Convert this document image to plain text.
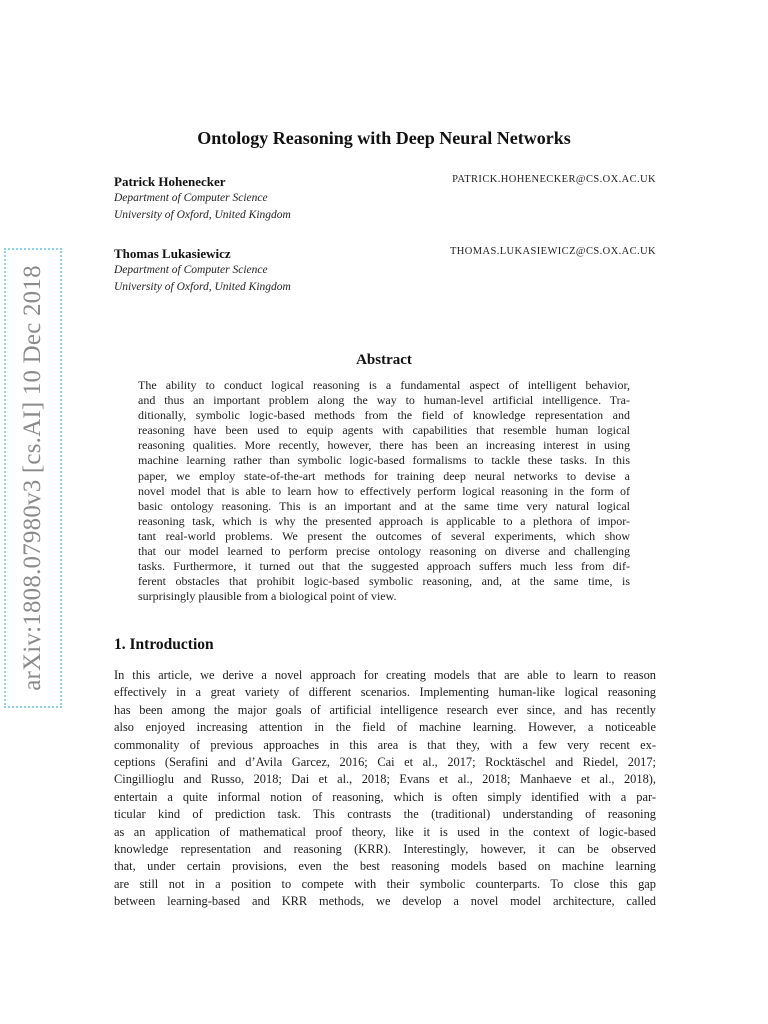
arXiv:1808.07980v3 [cs.AI] 10 Dec 2018
Ontology Reasoning with Deep Neural Networks
Patrick Hohenecker	PATRICK.HOHENECKER@CS.OX.AC.UK
Department of Computer Science
University of Oxford, United Kingdom
Thomas Lukasiewicz	THOMAS.LUKASIEWICZ@CS.OX.AC.UK
Department of Computer Science
University of Oxford, United Kingdom
Abstract
The ability to conduct logical reasoning is a fundamental aspect of intelligent behavior,
and thus an important problem along the way to human-level artificial intelligence. Tra-
ditionally, symbolic logic-based methods from the field of knowledge representation and
reasoning have been used to equip agents with capabilities that resemble human logical
reasoning qualities. More recently, however, there has been an increasing interest in using
machine learning rather than symbolic logic-based formalisms to tackle these tasks. In this
paper, we employ state-of-the-art methods for training deep neural networks to devise a
novel model that is able to learn how to effectively perform logical reasoning in the form of
basic ontology reasoning. This is an important and at the same time very natural logical
reasoning task, which is why the presented approach is applicable to a plethora of impor-
tant real-world problems. We present the outcomes of several experiments, which show
that our model learned to perform precise ontology reasoning on diverse and challenging
tasks. Furthermore, it turned out that the suggested approach suffers much less from dif-
ferent obstacles that prohibit logic-based symbolic reasoning, and, at the same time, is
surprisingly plausible from a biological point of view.
1. Introduction
In this article, we derive a novel approach for creating models that are able to learn to reason
effectively in a great variety of different scenarios. Implementing human-like logical reasoning
has been among the major goals of artificial intelligence research ever since, and has recently
also enjoyed increasing attention in the field of machine learning. However, a noticeable
commonality of previous approaches in this area is that they, with a few very recent ex-
ceptions (Serafini and d’Avila Garcez, 2016; Cai et al., 2017; Rocktäschel and Riedel, 2017;
Cingillioglu and Russo, 2018; Dai et al., 2018; Evans et al., 2018; Manhaeve et al., 2018),
entertain a quite informal notion of reasoning, which is often simply identified with a par-
ticular kind of prediction task. This contrasts the (traditional) understanding of reasoning
as an application of mathematical proof theory, like it is used in the context of logic-based
knowledge representation and reasoning (KRR). Interestingly, however, it can be observed
that, under certain provisions, even the best reasoning models based on machine learning
are still not in a position to compete with their symbolic counterparts. To close this gap
between learning-based and KRR methods, we develop a novel model architecture, called
